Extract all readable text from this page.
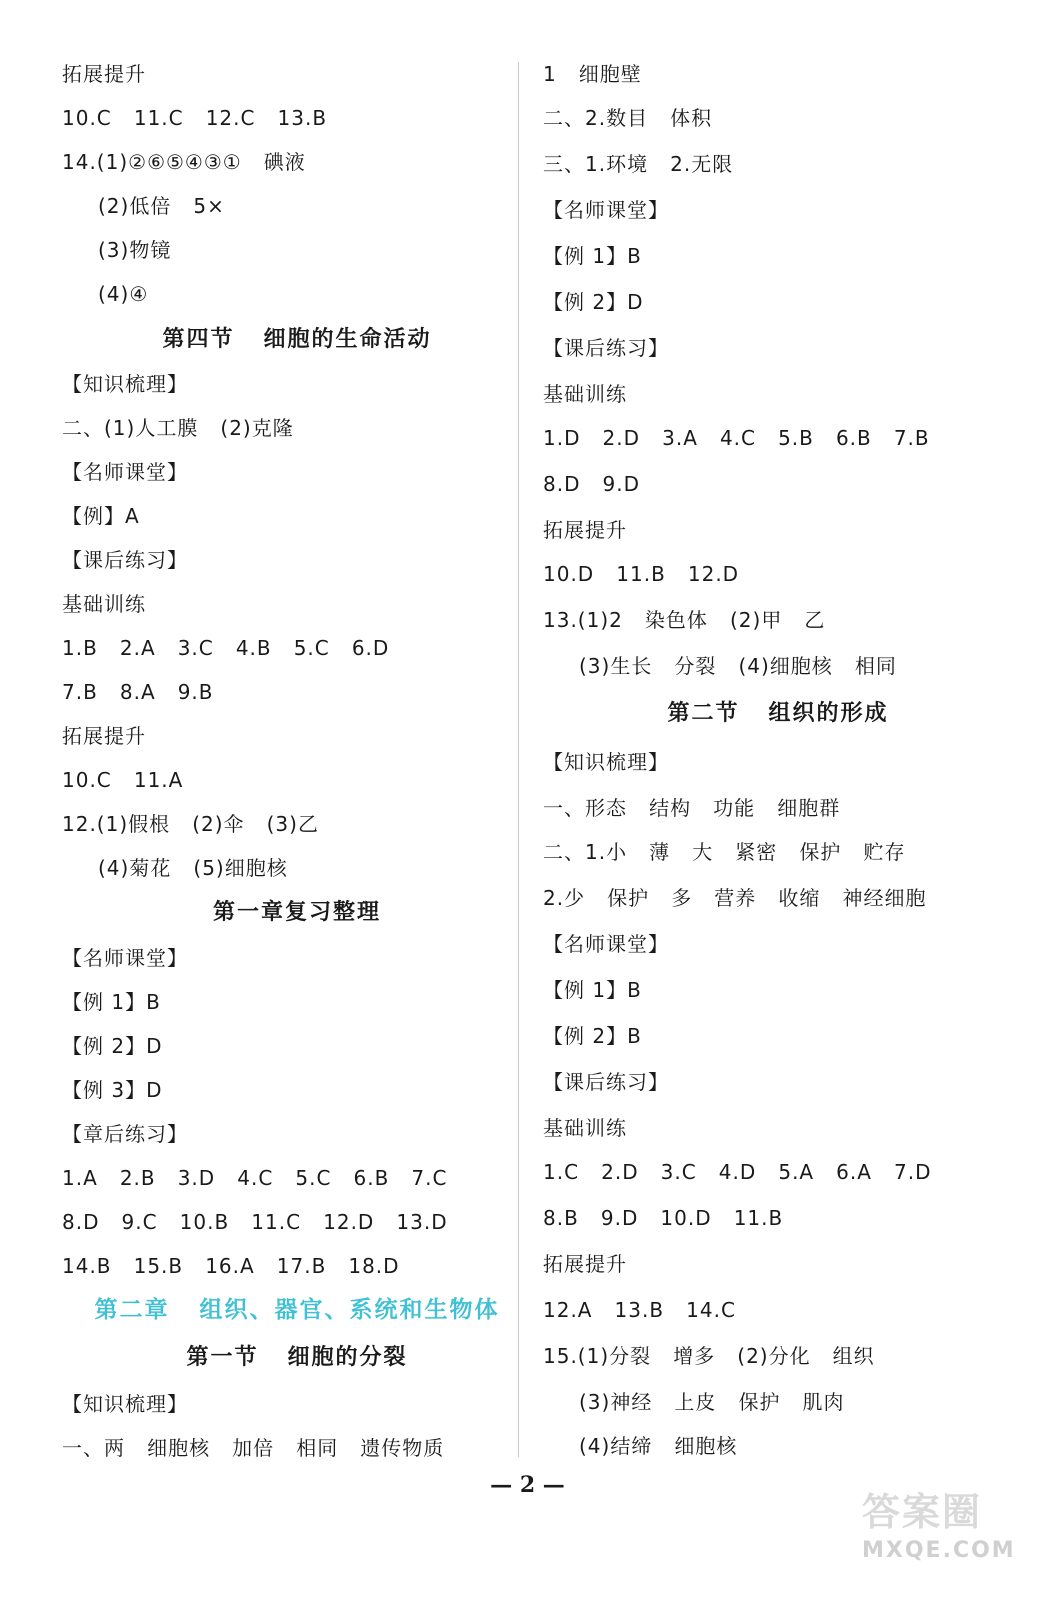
拓展提升
10.C   11.C   12.C   13.B
14.(1)②⑥⑤④③①   碘液
(2)低倍   5×
(3)物镜
(4)④
第四节   细胞的生命活动
【知识梳理】
二、(1)人工膜   (2)克隆
【名师课堂】
【例】A
【课后练习】
基础训练
1.B   2.A   3.C   4.B   5.C   6.D
7.B   8.A   9.B
拓展提升
10.C   11.A
12.(1)假根   (2)伞   (3)乙
(4)菊花   (5)细胞核
第一章复习整理
【名师课堂】
【例 1】B
【例 2】D
【例 3】D
【章后练习】
1.A   2.B   3.D   4.C   5.C   6.B   7.C
8.D   9.C   10.B   11.C   12.D   13.D
14.B   15.B   16.A   17.B   18.D
第二章   组织、器官、系统和生物体
第一节   细胞的分裂
【知识梳理】
一、两   细胞核   加倍   相同   遗传物质
1   细胞壁
二、2.数目   体积
三、1.环境   2.无限
【名师课堂】
【例 1】B
【例 2】D
【课后练习】
基础训练
1.D   2.D   3.A   4.C   5.B   6.B   7.B
8.D   9.D
拓展提升
10.D   11.B   12.D
13.(1)2   染色体   (2)甲   乙
(3)生长   分裂   (4)细胞核   相同
第二节   组织的形成
【知识梳理】
一、形态   结构   功能   细胞群
二、1.小   薄   大   紧密   保护   贮存
2.少   保护   多   营养   收缩   神经细胞
【名师课堂】
【例 1】B
【例 2】B
【课后练习】
基础训练
1.C   2.D   3.C   4.D   5.A   6.A   7.D
8.B   9.D   10.D   11.B
拓展提升
12.A   13.B   14.C
15.(1)分裂   增多   (2)分化   组织
(3)神经   上皮   保护   肌肉
(4)结缔   细胞核
— 2 —
答案圈
MXQE.COM
